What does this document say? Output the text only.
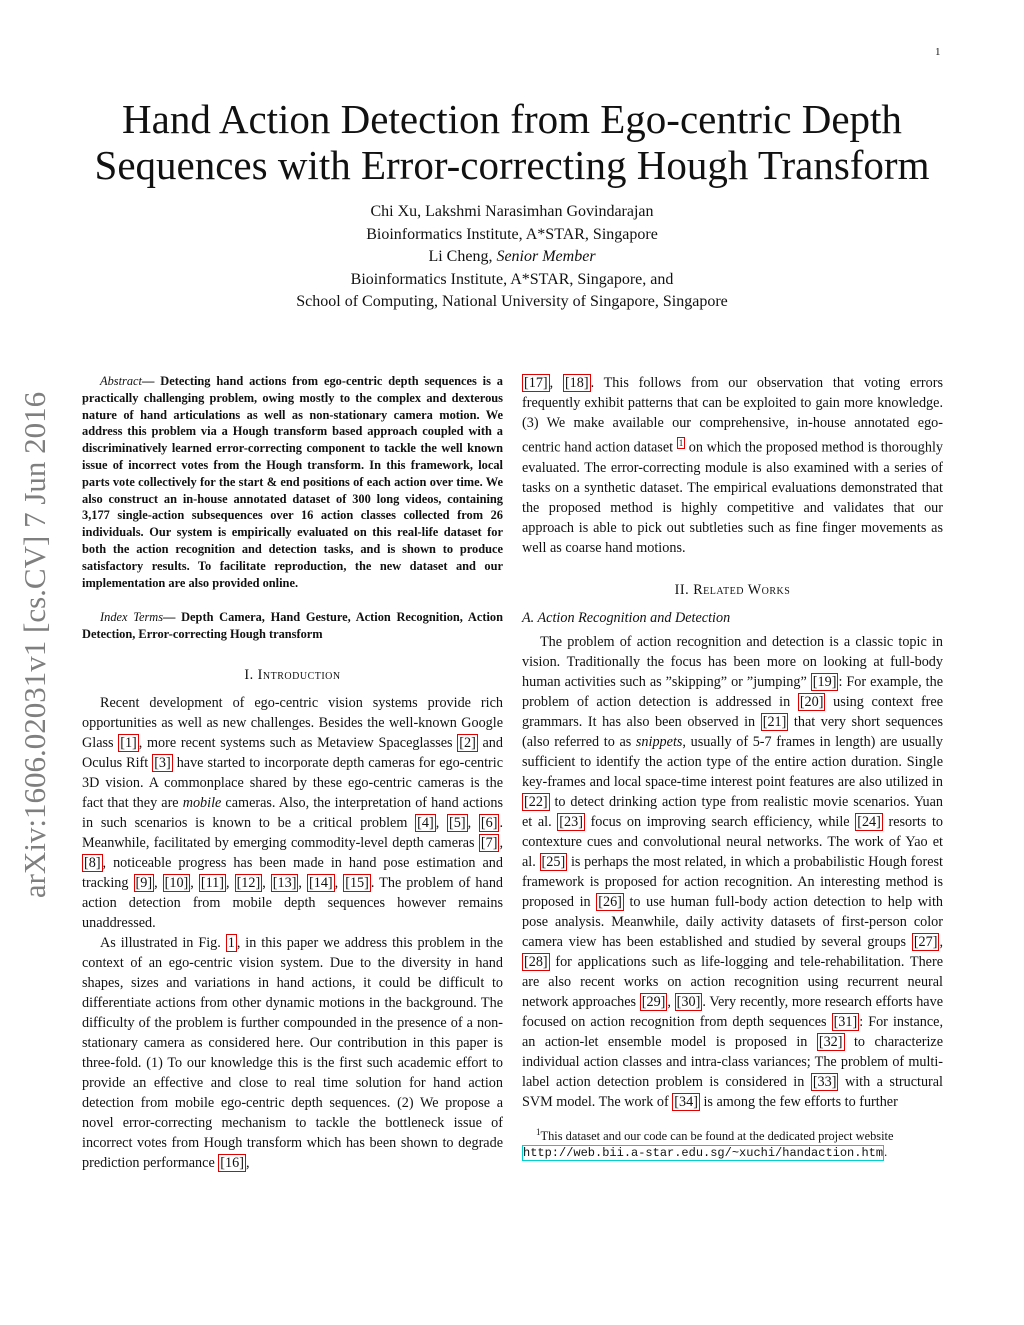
1
arXiv:1606.02031v1 [cs.CV] 7 Jun 2016
Hand Action Detection from Ego-centric Depth
Sequences with Error-correcting Hough Transform
Chi Xu, Lakshmi Narasimhan Govindarajan
Bioinformatics Institute, A*STAR, Singapore
Li Cheng, Senior Member
Bioinformatics Institute, A*STAR, Singapore, and
School of Computing, National University of Singapore, Singapore

Abstract— Detecting hand actions from ego-centric depth sequences is a practically challenging problem, owing mostly to the complex and dexterous nature of hand articulations as well as non-stationary camera motion. We address this problem via a Hough transform based approach coupled with a discriminatively learned error-correcting component to tackle the well known issue of incorrect votes from the Hough transform. In this framework, local parts vote collectively for the start & end positions of each action over time. We also construct an in-house annotated dataset of 300 long videos, containing 3,177 single-action subsequences over 16 action classes collected from 26 individuals. Our system is empirically evaluated on this real-life dataset for both the action recognition and detection tasks, and is shown to produce satisfactory results. To facilitate reproduction, the new dataset and our implementation are also provided online.

Index Terms— Depth Camera, Hand Gesture, Action Recognition, Action Detection, Error-correcting Hough transform

I. Introduction

Recent development of ego-centric vision systems provide rich opportunities as well as new challenges. Besides the well-known Google Glass [1] , more recent systems such as Metaview Spaceglasses [2] and Oculus Rift [3] have started to incorporate depth cameras for ego-centric 3D vision. A commonplace shared by these ego-centric cameras is the fact that they are mobile cameras. Also, the interpretation of hand actions in such scenarios is known to be a critical problem [4] , [5] , [6] . Meanwhile, facilitated by emerging commodity-level depth cameras [7] , [8] , noticeable progress has been made in hand pose estimation and tracking [9] , [10] , [11] , [12] , [13] , [14] , [15] . The problem of hand action detection from mobile depth sequences however remains unaddressed.

As illustrated in Fig. 1 , in this paper we address this problem in the context of an ego-centric vision system. Due to the diversity in hand shapes, sizes and variations in hand actions, it could be difficult to differentiate actions from other dynamic motions in the background. The difficulty of the problem is further compounded in the presence of a non-stationary camera as considered here. Our contribution in this paper is three-fold. (1) To our knowledge this is the first such academic effort to provide an effective and close to real time solution for hand action detection from mobile ego-centric depth sequences. (2) We propose a novel error-correcting mechanism to tackle the bottleneck issue of incorrect votes from Hough transform which has been shown to degrade prediction performance [16] ,

[17] , [18] . This follows from our observation that voting errors frequently exhibit patterns that can be exploited to gain more knowledge. (3) We make available our comprehensive, in-house annotated ego-centric hand action dataset $^1$ on which the proposed method is thoroughly evaluated. The error-correcting module is also examined with a series of tasks on a synthetic dataset. The empirical evaluations demonstrated that the proposed method is highly competitive and validates that our approach is able to pick out subtleties such as fine finger movements as well as coarse hand motions.

II. Related Works
A. Action Recognition and Detection

The problem of action recognition and detection is a classic topic in vision. Traditionally the focus has been more on looking at full-body human activities such as ”skipping” or ”jumping” [19] : For example, the problem of action detection is addressed in [20] using context free grammars. It has also been observed in [21] that very short sequences (also referred to as snippets, usually of 5-7 frames in length) are usually sufficient to identify the action type of the entire action duration. Single key-frames and local space-time interest point features are also utilized in [22] to detect drinking action type from realistic movie scenarios. Yuan et al. [23] focus on improving search efficiency, while [24] resorts to contexture cues and convolutional neural networks. The work of Yao et al. [25] is perhaps the most related, in which a probabilistic Hough forest framework is proposed for action recognition. An interesting method is proposed in [26] to use human full-body action detection to help with pose analysis. Meanwhile, daily activity datasets of first-person color camera view has been established and studied by several groups [27] , [28] for applications such as life-logging and tele-rehabilitation. There are also recent works on action recognition using recurrent neural network approaches [29] , [30] . Very recently, more research efforts have focused on action recognition from depth sequences [31] : For instance, an action-let ensemble model is proposed in [32] to characterize individual action classes and intra-class variances; The problem of multi-label action detection problem is considered in [33] with a structural SVM model. The work of [34] is among the few efforts to further

$^1$This dataset and our code can be found at the dedicated project website http://web.bii.a-star.edu.sg/~xuchi/handaction.htm.
